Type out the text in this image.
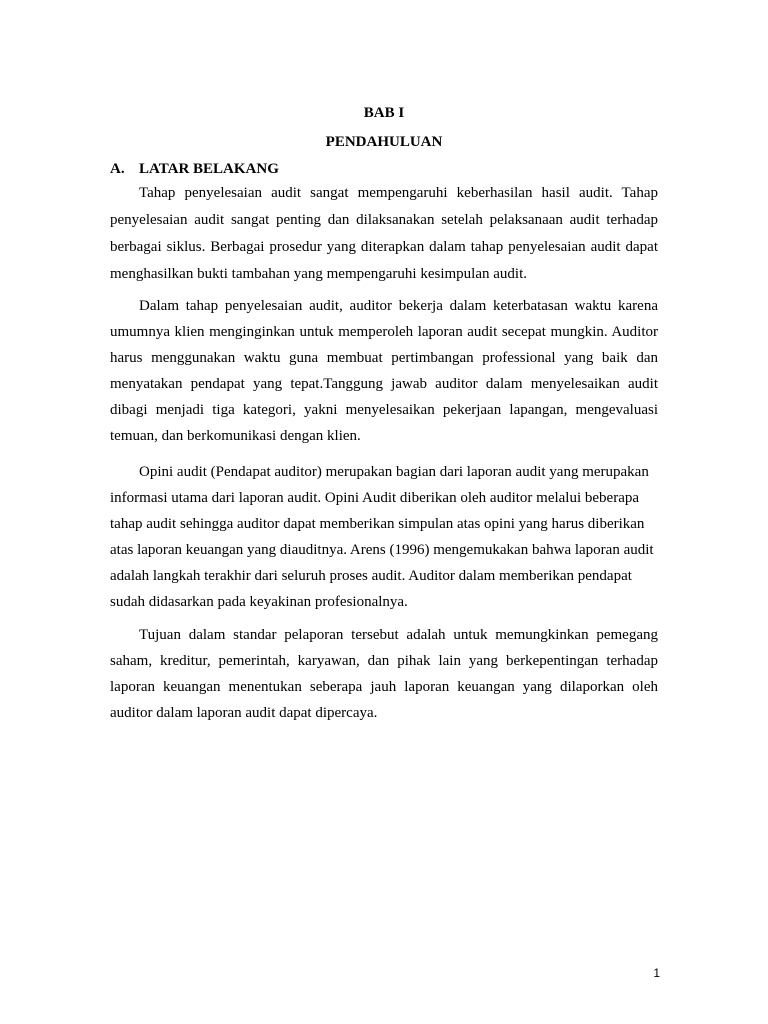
BAB I
PENDAHULUAN
A. LATAR BELAKANG

Tahap penyelesaian audit sangat mempengaruhi keberhasilan hasil audit. Tahap penyelesaian audit sangat penting dan dilaksanakan setelah pelaksanaan audit terhadap berbagai siklus. Berbagai prosedur yang diterapkan dalam tahap penyelesaian audit dapat menghasilkan bukti tambahan yang mempengaruhi kesimpulan audit.

Dalam tahap penyelesaian audit, auditor bekerja dalam keterbatasan waktu karena umumnya klien menginginkan untuk memperoleh laporan audit secepat mungkin. Auditor harus menggunakan waktu guna membuat pertimbangan professional yang baik dan menyatakan pendapat yang tepat.Tanggung jawab auditor dalam menyelesaikan audit dibagi menjadi tiga kategori, yakni menyelesaikan pekerjaan lapangan, mengevaluasi temuan, dan berkomunikasi dengan klien.

Opini audit (Pendapat auditor) merupakan bagian dari laporan audit yang merupakan informasi utama dari laporan audit. Opini Audit diberikan oleh auditor melalui beberapa tahap audit sehingga auditor dapat memberikan simpulan atas opini yang harus diberikan atas laporan keuangan yang diauditnya. Arens (1996) mengemukakan bahwa laporan audit adalah langkah terakhir dari seluruh proses audit. Auditor dalam memberikan pendapat sudah didasarkan pada keyakinan profesionalnya.

Tujuan dalam standar pelaporan tersebut adalah untuk memungkinkan pemegang saham, kreditur, pemerintah, karyawan, dan pihak lain yang berkepentingan terhadap laporan keuangan menentukan seberapa jauh laporan keuangan yang dilaporkan oleh auditor dalam laporan audit dapat dipercaya.

1
